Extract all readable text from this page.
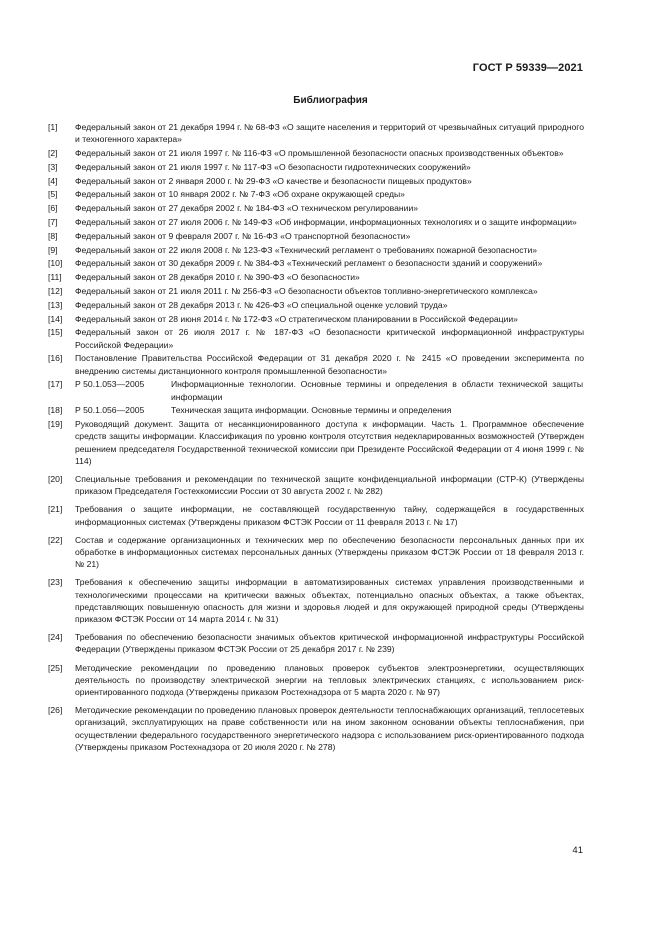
ГОСТ Р 59339—2021
Библиография
[1]	Федеральный закон от 21 декабря 1994 г. № 68-ФЗ «О защите населения и территорий от чрезвычайных ситуаций природного и техногенного характера»
[2]	Федеральный закон от 21 июля 1997 г. № 116-ФЗ «О промышленной безопасности опасных производственных объектов»
[3]	Федеральный закон от 21 июля 1997 г. № 117-ФЗ «О безопасности гидротехнических сооружений»
[4]	Федеральный закон от 2 января 2000 г. № 29-ФЗ «О качестве и безопасности пищевых продуктов»
[5]	Федеральный закон от 10 января 2002 г. № 7-ФЗ «Об охране окружающей среды»
[6]	Федеральный закон от 27 декабря 2002 г. № 184-ФЗ «О техническом регулировании»
[7]	Федеральный закон от 27 июля 2006 г. № 149-ФЗ «Об информации, информационных технологиях и о защите информации»
[8]	Федеральный закон от 9 февраля 2007 г. № 16-ФЗ «О транспортной безопасности»
[9]	Федеральный закон от 22 июля 2008 г. № 123-ФЗ «Технический регламент о требованиях пожарной безопасности»
[10]	Федеральный закон от 30 декабря 2009 г. № 384-ФЗ «Технический регламент о безопасности зданий и сооружений»
[11]	Федеральный закон от 28 декабря 2010 г. № 390-ФЗ «О безопасности»
[12]	Федеральный закон от 21 июля 2011 г. № 256-ФЗ «О безопасности объектов топливно-энергетического комплекса»
[13]	Федеральный закон от 28 декабря 2013 г. № 426-ФЗ «О специальной оценке условий труда»
[14]	Федеральный закон от 28 июня 2014 г. № 172-ФЗ «О стратегическом планировании в Российской Федерации»
[15]	Федеральный закон от 26 июля 2017 г. № 187-ФЗ «О безопасности критической информационной инфраструктуры Российской Федерации»
[16]	Постановление Правительства Российской Федерации от 31 декабря 2020 г. № 2415 «О проведении эксперимента по внедрению системы дистанционного контроля промышленной безопасности»
[17]	Р 50.1.053—2005	Информационные технологии. Основные термины и определения в области технической защиты информации
[18]	Р 50.1.056—2005	Техническая защита информации. Основные термины и определения
[19]	Руководящий документ. Защита от несанкционированного доступа к информации. Часть 1. Программное обеспечение средств защиты информации. Классификация по уровню контроля отсутствия недекларированных возможностей (Утвержден решением председателя Государственной технической комиссии при Президенте Российской Федерации от 4 июня 1999 г. № 114)
[20]	Специальные требования и рекомендации по технической защите конфиденциальной информации (СТР-К) (Утверждены приказом Председателя Гостехкомиссии России от 30 августа 2002 г. № 282)
[21]	Требования о защите информации, не составляющей государственную тайну, содержащейся в государственных информационных системах (Утверждены приказом ФСТЭК России от 11 февраля 2013 г. № 17)
[22]	Состав и содержание организационных и технических мер по обеспечению безопасности персональных данных при их обработке в информационных системах персональных данных (Утверждены приказом ФСТЭК России от 18 февраля 2013 г. № 21)
[23]	Требования к обеспечению защиты информации в автоматизированных системах управления производственными и технологическими процессами на критически важных объектах, потенциально опасных объектах, а также объектах, представляющих повышенную опасность для жизни и здоровья людей и для окружающей природной среды (Утверждены приказом ФСТЭК России от 14 марта 2014 г. № 31)
[24]	Требования по обеспечению безопасности значимых объектов критической информационной инфраструктуры Российской Федерации (Утверждены приказом ФСТЭК России от 25 декабря 2017 г. № 239)
[25]	Методические рекомендации по проведению плановых проверок субъектов электроэнергетики, осуществляющих деятельность по производству электрической энергии на тепловых электрических станциях, с использованием риск-ориентированного подхода (Утверждены приказом Ростехнадзора от 5 марта 2020 г. № 97)
[26]	Методические рекомендации по проведению плановых проверок деятельности теплоснабжающих организаций, теплосетевых организаций, эксплуатирующих на праве собственности или на ином законном основании объекты теплоснабжения, при осуществлении федерального государственного энергетического надзора с использованием риск-ориентированного подхода (Утверждены приказом Ростехнадзора от 20 июля 2020 г. № 278)
41
